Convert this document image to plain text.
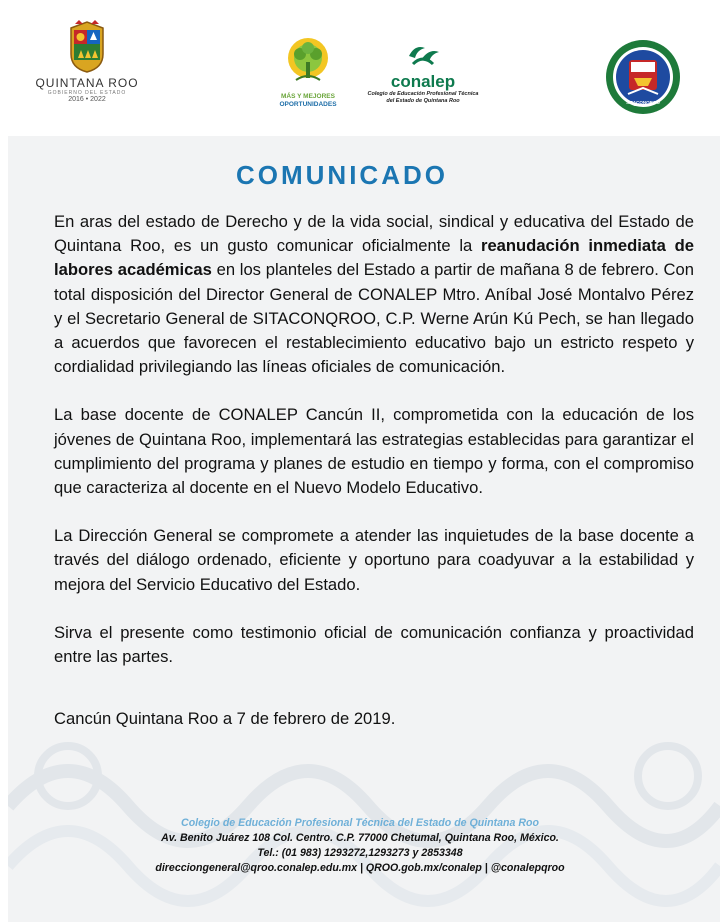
QUINTANA ROO
GOBIERNO DEL ESTADO
2016 • 2022	MÁS Y MEJORES
OPORTUNIDADES
conalep
Colegio de Educación Profesional Técnica
del Estado de Quintana Roo	SITACONQROO
COMUNICADO

En aras del estado de Derecho y de la vida social, sindical y educativa del Estado de Quintana Roo, es un gusto comunicar oficialmente la reanudación inmediata de labores académicas en los planteles del Estado a partir de mañana 8 de febrero. Con total disposición del Director General de CONALEP Mtro. Aníbal José Montalvo Pérez y el Secretario General de SITACONQROO, C.P. Werne Arún Kú Pech, se han llegado a acuerdos que favorecen el restablecimiento educativo bajo un estricto respeto y cordialidad privilegiando las líneas oficiales de comunicación.

La base docente de CONALEP Cancún II, comprometida con la educación de los jóvenes de Quintana Roo, implementará las estrategias establecidas para garantizar el cumplimiento del programa y planes de estudio en tiempo y forma, con el compromiso que caracteriza al docente en el Nuevo Modelo Educativo.

La Dirección General se compromete a atender las inquietudes de la base docente a través del diálogo ordenado, eficiente y oportuno para coadyuvar a la estabilidad y mejora del Servicio Educativo del Estado.

Sirva el presente como testimonio oficial de comunicación confianza y proactividad entre las partes.

Cancún Quintana Roo a 7 de febrero de 2019.

Colegio de Educación Profesional Técnica del Estado de Quintana Roo
Av. Benito Juárez 108 Col. Centro. C.P. 77000 Chetumal, Quintana Roo, México.
Tel.: (01 983) 1293272,1293273 y 2853348
direcciongeneral@qroo.conalep.edu.mx | QROO.gob.mx/conalep | @conalepqroo
